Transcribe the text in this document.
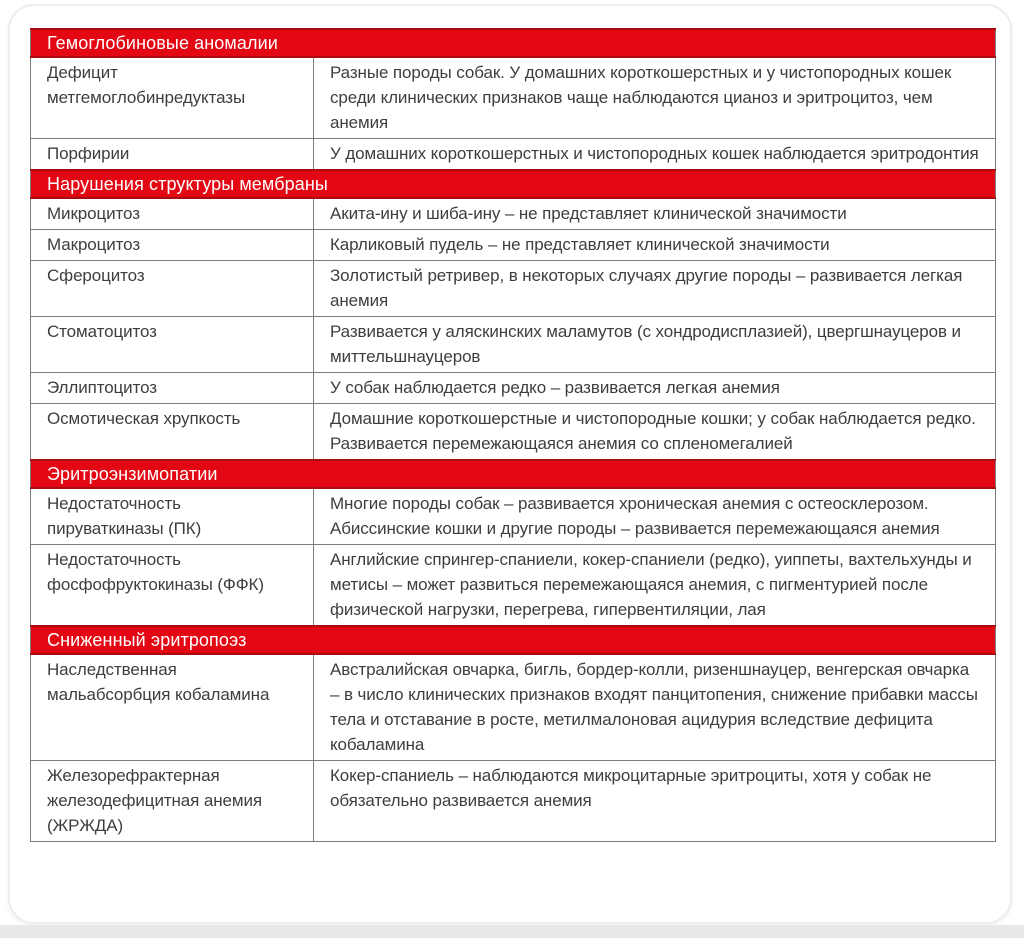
Гемоглобиновые аномалии	
Дефицит метгемоглобинредуктазы	Разные породы собак. У домашних короткошерстных и у чистопородных кошек среди клинических признаков чаще наблюдаются цианоз и эритроцитоз, чем анемия
Порфирии	У домашних короткошерстных и чистопородных кошек наблюдается эритродонтия
Нарушения структуры мембраны	
Микроцитоз	Акита-ину и шиба-ину – не представляет клинической значимости
Макроцитоз	Карликовый пудель – не представляет клинической значимости
Сфероцитоз	Золотистый ретривер, в некоторых случаях другие породы – развивается легкая анемия
Стоматоцитоз	Развивается у аляскинских маламутов (с хондродисплазией), цвергшнауцеров и миттельшнауцеров
Эллиптоцитоз	У собак наблюдается редко – развивается легкая анемия
Осмотическая хрупкость	Домашние короткошерстные и чистопородные кошки; у собак наблюдается редко. Развивается перемежающаяся анемия со спленомегалией
Эритроэнзимопатии	
Недостаточность пируваткиназы (ПК)	Многие породы собак – развивается хроническая анемия с остеосклерозом. Абиссинские кошки и другие породы – развивается перемежающаяся анемия
Недостаточность фосфофруктокиназы (ФФК)	Английские спрингер-спаниели, кокер-спаниели (редко), уиппеты, вахтельхунды и метисы – может развиться перемежающаяся анемия, с пигментурией после физической нагрузки, перегрева, гипервентиляции, лая
Сниженный эритропоэз	
Наследственная мальабсорбция кобаламина	Австралийская овчарка, бигль, бордер-колли, ризеншнауцер, венгерская овчарка – в число клинических признаков входят панцитопения, снижение прибавки массы тела и отставание в росте, метилмалоновая ацидурия вследствие дефицита кобаламина
Железорефрактерная железодефицитная анемия (ЖРЖДА)	Кокер-спаниель – наблюдаются микроцитарные эритроциты, хотя у собак не обязательно развивается анемия
